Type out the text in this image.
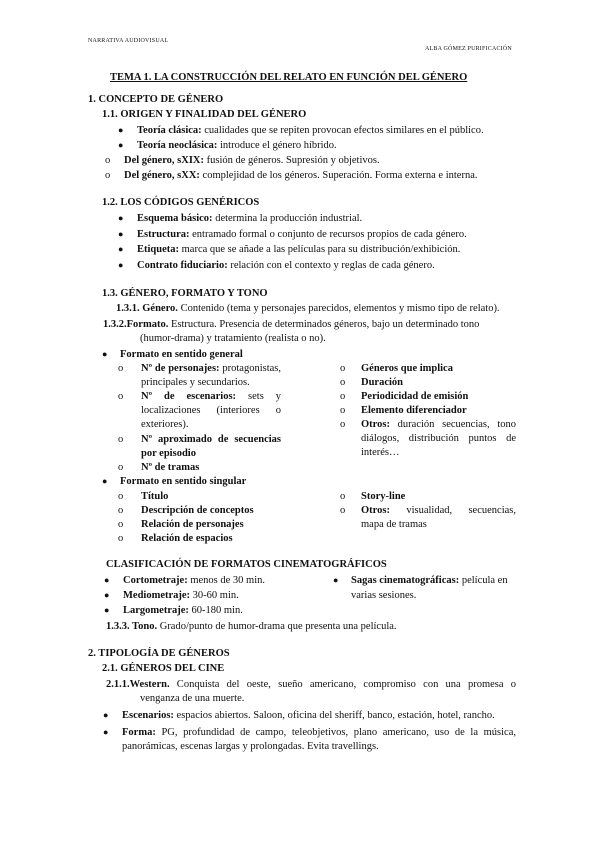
NARRATIVA AUDIOVISUAL
ALBA GÓMEZ PURIFICACIÓN
TEMA 1. LA CONSTRUCCIÓN DEL RELATO EN FUNCIÓN DEL GÉNERO
1. CONCEPTO DE GÉNERO
1.1. ORIGEN Y FINALIDAD DEL GÉNERO
● Teoría clásica: cualidades que se repiten provocan efectos similares en el público.
● Teoría neoclásica: introduce el género híbrido.
o Del género, sXIX: fusión de géneros. Supresión y objetivos.
o Del género, sXX: complejidad de los géneros. Superación. Forma externa e interna.
1.2. LOS CÓDIGOS GENÉRICOS
● Esquema básico: determina la producción industrial.
● Estructura: entramado formal o conjunto de recursos propios de cada género.
● Etiqueta: marca que se añade a las películas para su distribución/exhibición.
● Contrato fiduciario: relación con el contexto y reglas de cada género.
1.3. GÉNERO, FORMATO Y TONO
1.3.1. Género. Contenido (tema y personajes parecidos, elementos y mismo tipo de relato).
1.3.2.Formato. Estructura. Presencia de determinados géneros, bajo un determinado tono
(humor-drama) y tratamiento (realista o no).
● Formato en sentido general
o Nº de personajes: protagonistas,
principales y secundarios.
o Nº de escenarios: sets y
localizaciones (interiores o
exteriores).
o Nº aproximado de secuencias
por episodio
o Nº de tramas
o Géneros que implica
o Duración
o Periodicidad de emisión
o Elemento diferenciador
o Otros: duración secuencias, tono
diálogos, distribución puntos de
interés…
● Formato en sentido singular
o Título
o Descripción de conceptos
o Relación de personajes
o Relación de espacios
o Story-line
o Otros: visualidad, secuencias,
mapa de tramas
CLASIFICACIÓN DE FORMATOS CINEMATOGRÁFICOS
● Cortometraje: menos de 30 min.
● Mediometraje: 30-60 min.
● Largometraje: 60-180 min.
● Sagas cinematográficas: película en
varias sesiones.
1.3.3. Tono. Grado/punto de humor-drama que presenta una película.
2. TIPOLOGÍA DE GÉNEROS
2.1. GÉNEROS DEL CINE
2.1.1.Western. Conquista del oeste, sueño americano, compromiso con una promesa o
venganza de una muerte.
● Escenarios: espacios abiertos. Saloon, oficina del sheriff, banco, estación, hotel, rancho.
● Forma: PG, profundidad de campo, teleobjetivos, plano americano, uso de la música,
panorámicas, escenas largas y prolongadas. Evita travellings.
